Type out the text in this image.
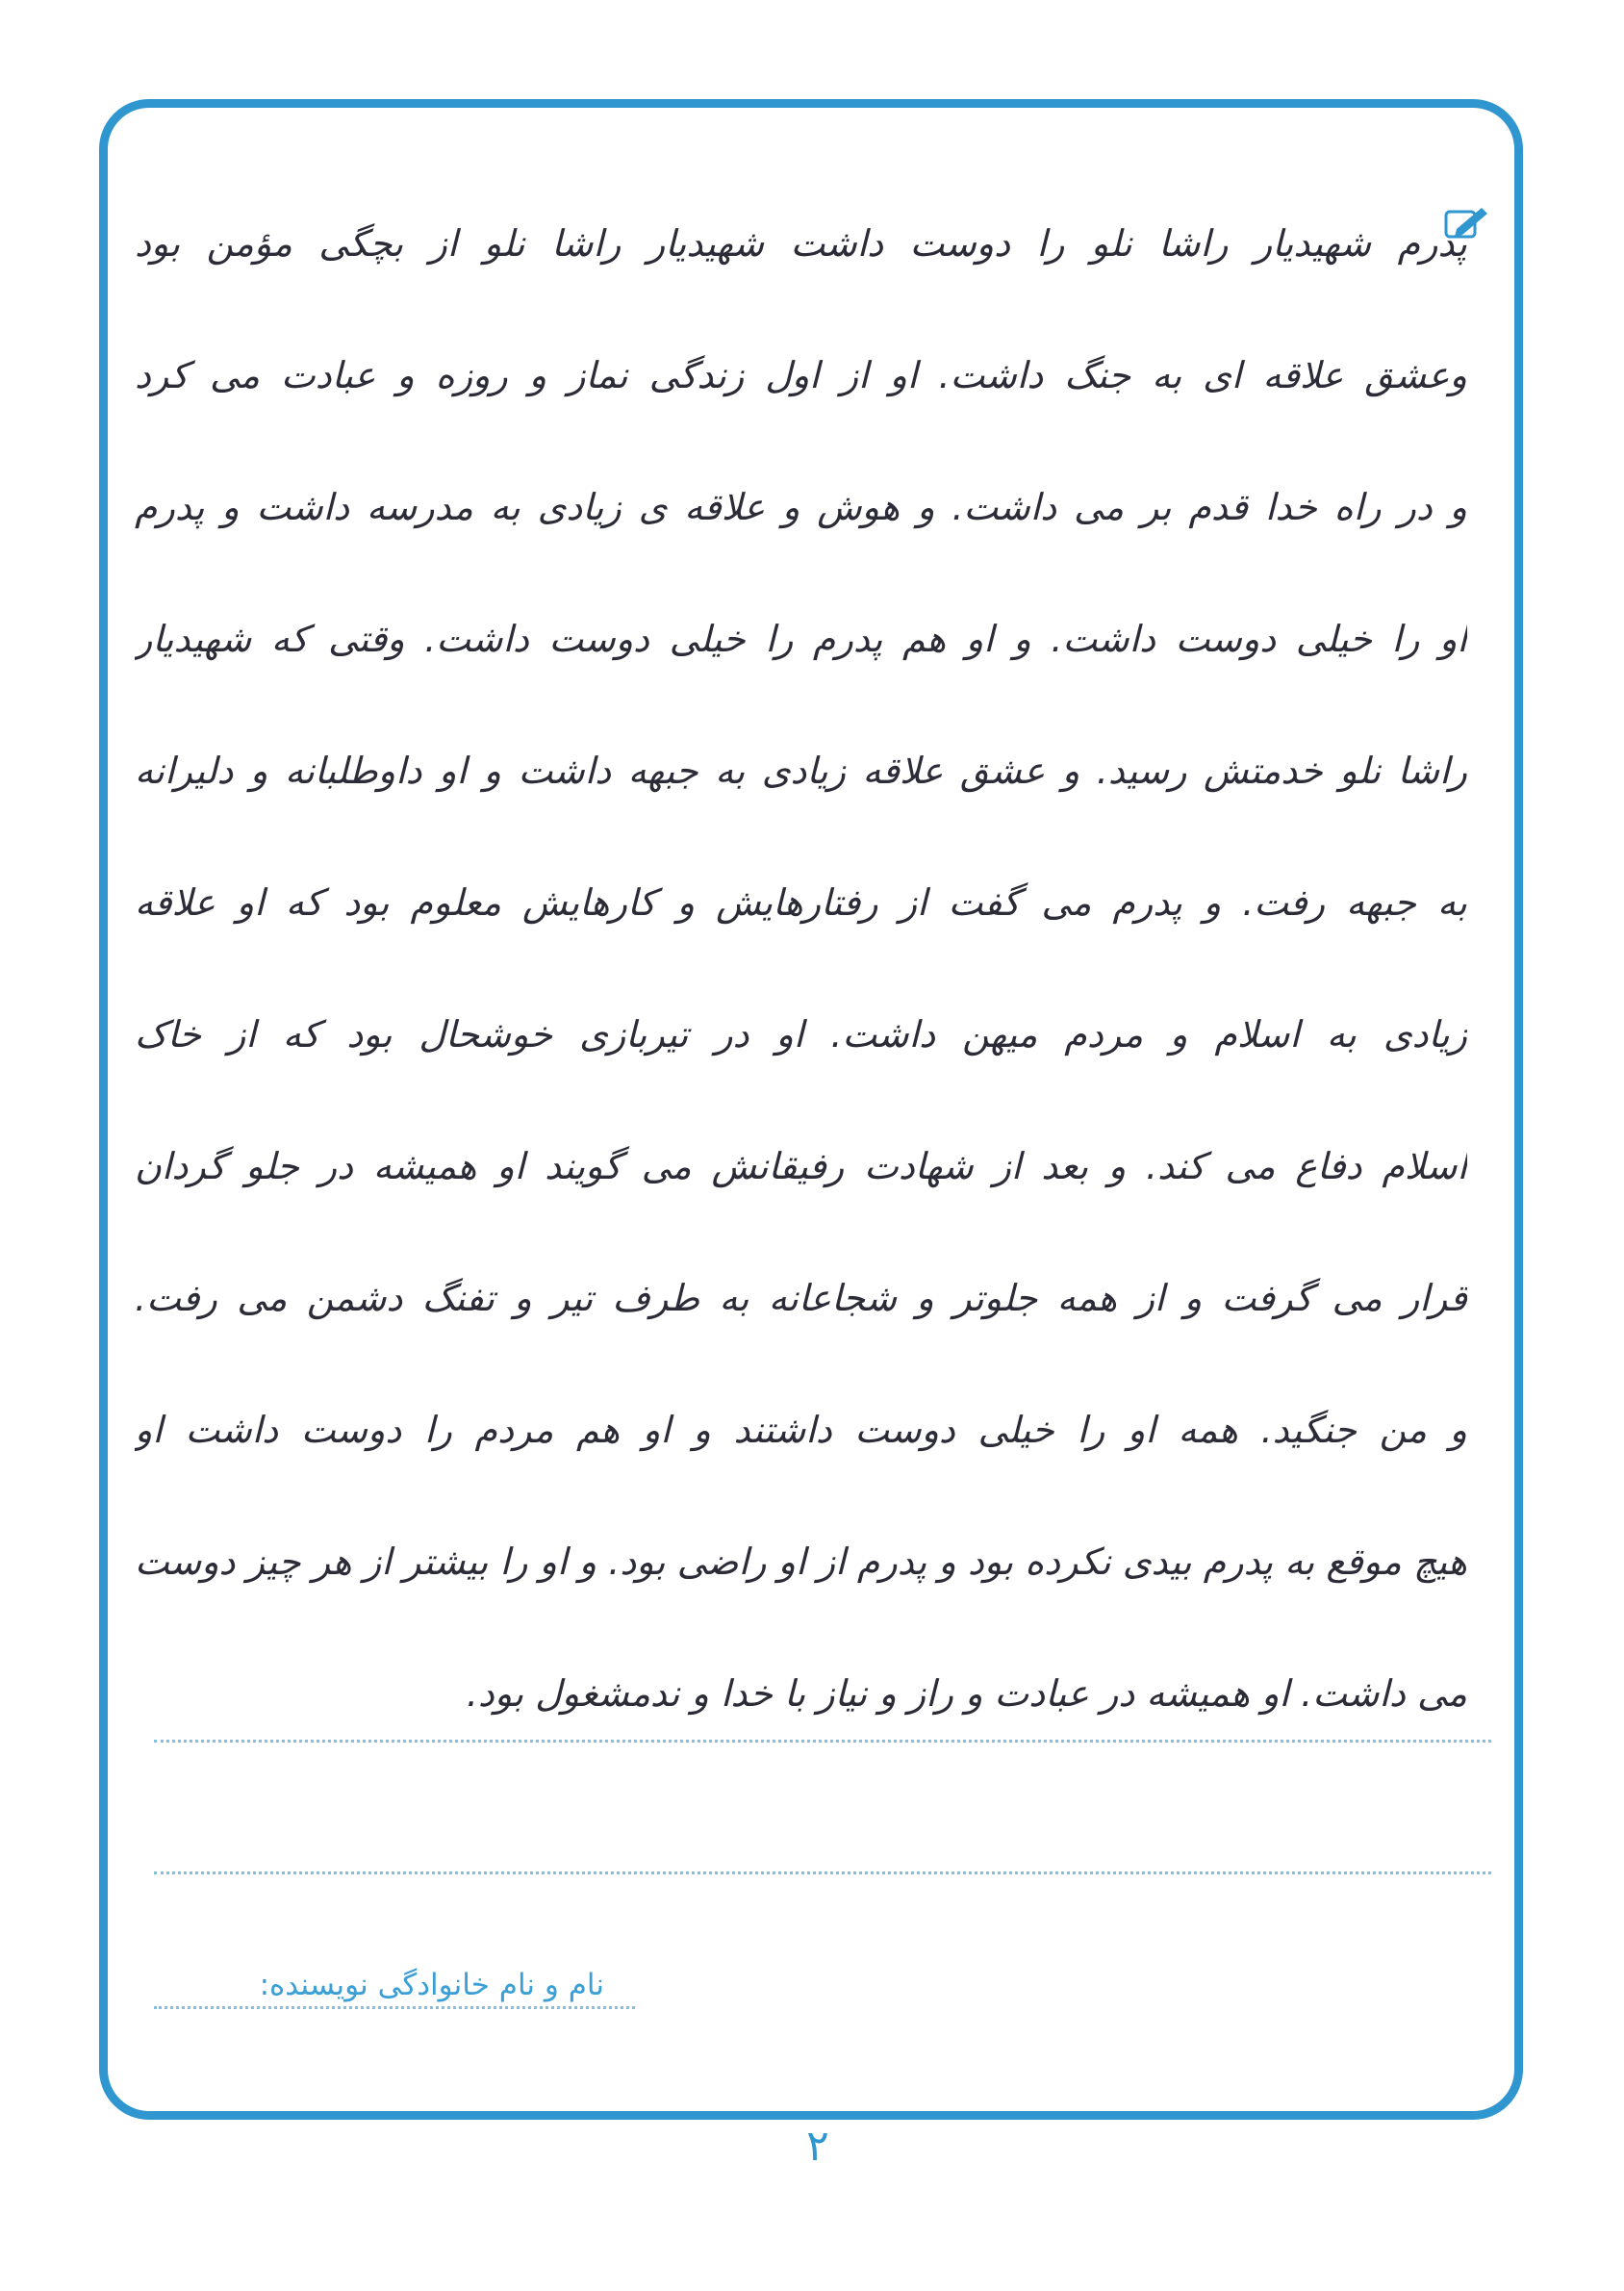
پدرم شهیدیار راشا نلو را دوست داشت شهیدیار راشا نلو از بچگی مؤمن بود
وعشق علاقه ای به جنگ داشت. او از اول زندگی نماز و روزه و عبادت می کرد
و در راه خدا قدم بر می داشت. و هوش و علاقه ی زیادی به مدرسه داشت و پدرم
او را خیلی دوست داشت. و او هم پدرم را خیلی دوست داشت. وقتی که شهیدیار
راشا نلو خدمتش رسید. و عشق علاقه زیادی به جبهه داشت و او داوطلبانه و دلیرانه
به جبهه رفت. و پدرم می گفت از رفتارهایش و کارهایش معلوم بود که او علاقه
زیادی به اسلام و مردم میهن داشت. او در تیربازی خوشحال بود که از خاک
اسلام دفاع می کند. و بعد از شهادت رفیقانش می گویند او همیشه در جلو گردان
قرار می گرفت و از همه جلوتر و شجاعانه به طرف تیر و تفنگ دشمن می رفت.
و من جنگید. همه او را خیلی دوست داشتند و او هم مردم را دوست داشت او
هیچ موقع به پدرم بیدی نکرده بود و پدرم از او راضی بود. و او را بیشتر از هر چیز دوست
می داشت. او همیشه در عبادت و راز و نیاز با خدا و ندمشغول بود.
نام و نام خانوادگی نویسنده:
۲
